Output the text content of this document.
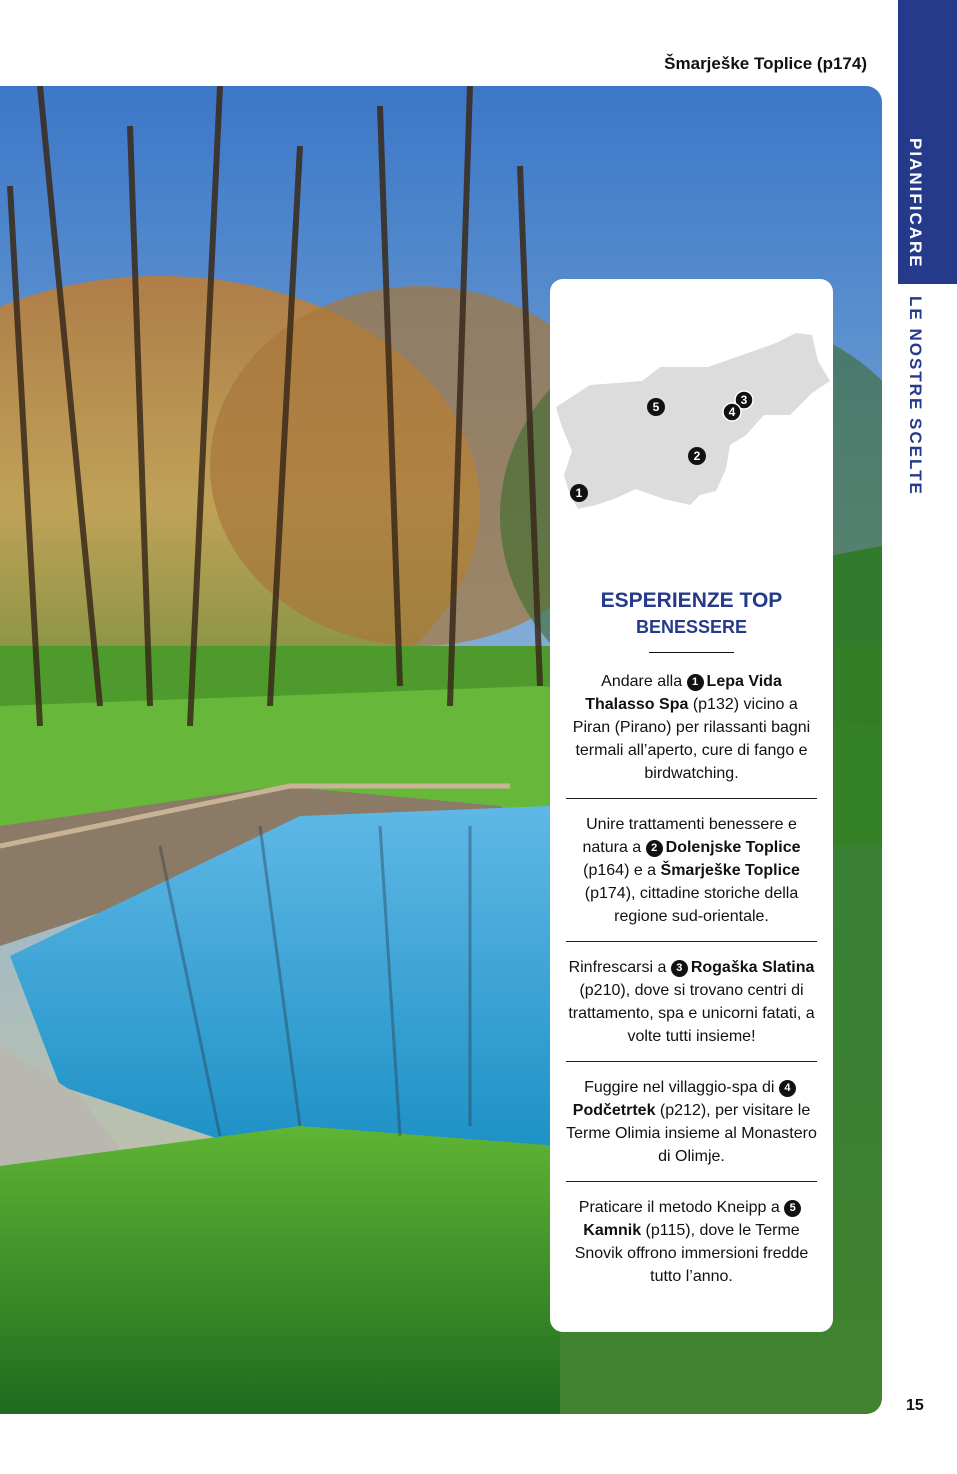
Šmarješke Toplice (p174)
PIANIFICARE
LE NOSTRE SCELTE
1
2
3
4
5
ESPERIENZE TOP
BENESSERE
Andare alla 1 Lepa Vida Thalasso Spa (p132) vicino a Piran (Pirano) per rilassanti bagni termali all’aperto, cure di fango e birdwatching.
Unire trattamenti benessere e natura a 2 Dolenjske Toplice (p164) e a Šmarješke Toplice (p174), cittadine storiche della regione sud-orientale.
Rinfrescarsi a 3 Rogaška Slatina (p210), dove si trovano centri di trattamento, spa e unicorni fatati, a volte tutti insieme!
Fuggire nel villaggio-spa di 4Podčetrtek (p212), per visitare le Terme Olimia insieme al Monastero di Olimje.
Praticare il metodo Kneipp a 5Kamnik (p115), dove le Terme Snovik offrono immersioni fredde tutto l’anno.
15
